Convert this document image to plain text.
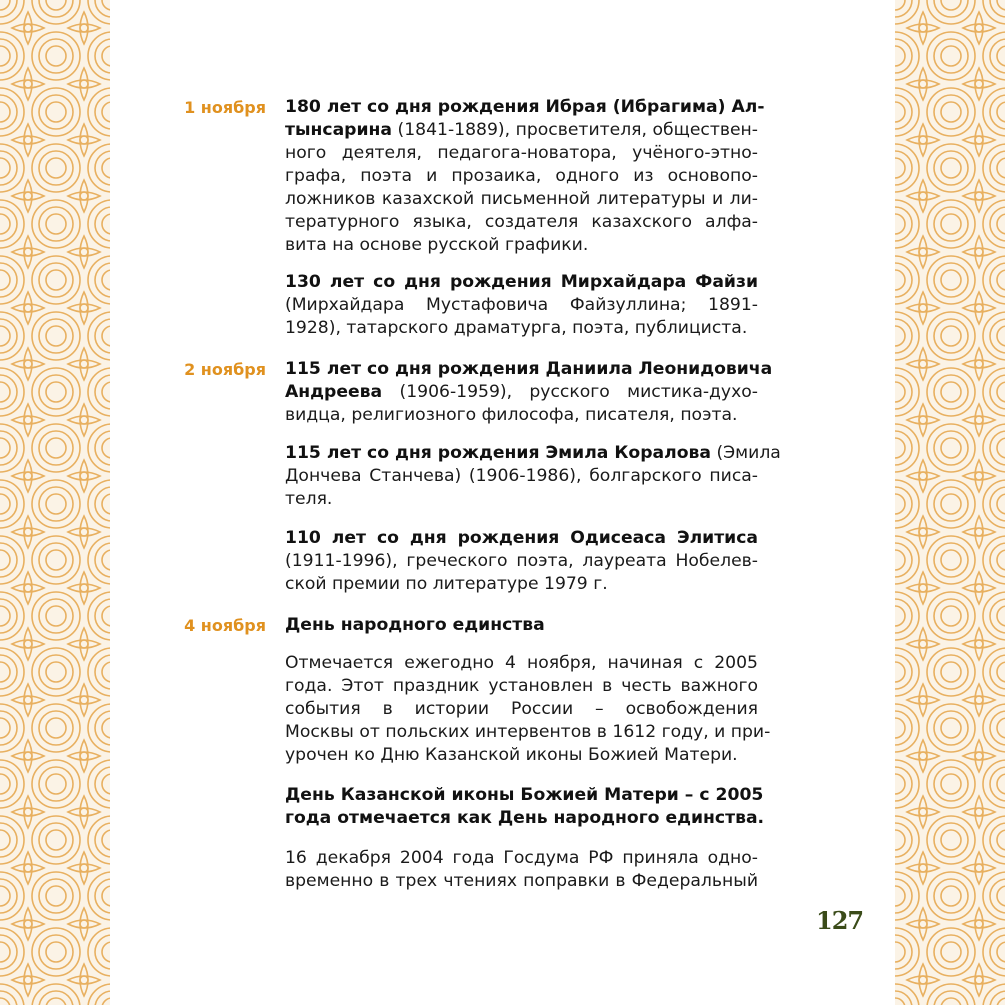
1 ноября 180 лет со дня рождения Ибрая (Ибрагима) Ал-
тынсарина (1841-1889), просветителя, обществен-
ного деятеля, педагога-новатора, учёного-этно-
графа, поэта и прозаика, одного из основопо-
ложников казахской письменной литературы и ли-
тературного языка, создателя казахского алфа-
вита на основе русской графики.
130 лет со дня рождения Мирхайдара Файзи
(Мирхайдара Мустафовича Файзуллина; 1891-
1928), татарского драматурга, поэта, публициста.
2 ноября 115 лет со дня рождения Даниила Леонидовича
Андреева (1906-1959), русского мистика-духо-
видца, религиозного философа, писателя, поэта.
115 лет со дня рождения Эмила Коралова (Эмила
Дончева Станчева) (1906-1986), болгарского писа-
теля.
110 лет со дня рождения Одисеаса Элитиса
(1911-1996), греческого поэта, лауреата Нобелев-
ской премии по литературе 1979 г.
4 ноября День народного единства
Отмечается ежегодно 4 ноября, начиная с 2005
года. Этот праздник установлен в честь важного
события в истории России – освобождения
Москвы от польских интервентов в 1612 году, и при-
урочен ко Дню Казанской иконы Божией Матери.
День Казанской иконы Божией Матери – с 2005
года отмечается как День народного единства.
16 декабря 2004 года Госдума РФ приняла одно-
временно в трех чтениях поправки в Федеральный
127
